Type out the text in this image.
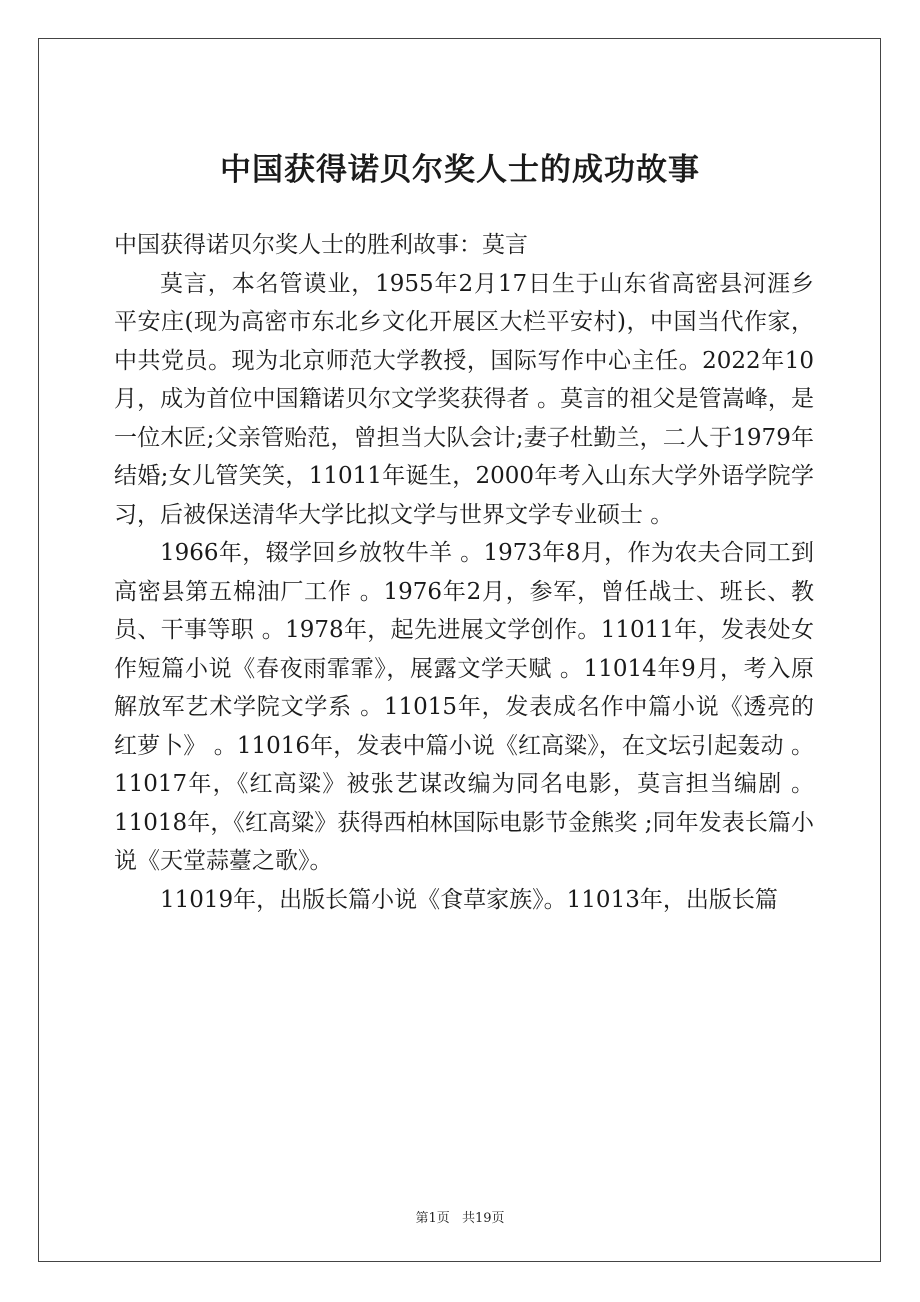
中国获得诺贝尔奖人士的成功故事

中国获得诺贝尔奖人士的胜利故事：莫言

莫言，本名管谟业，1955年2月17日生于山东省高密县河涯乡平安庄(现为高密市东北乡文化开展区大栏平安村)，中国当代作家，中共党员。现为北京师范大学教授，国际写作中心主任。2022年10月，成为首位中国籍诺贝尔文学奖获得者 。莫言的祖父是管嵩峰，是一位木匠;父亲管贻范，曾担当大队会计;妻子杜勤兰，二人于1979年结婚;女儿管笑笑，11011年诞生，2000年考入山东大学外语学院学习，后被保送清华大学比拟文学与世界文学专业硕士 。

1966年，辍学回乡放牧牛羊 。1973年8月，作为农夫合同工到高密县第五棉油厂工作 。1976年2月，参军，曾任战士、班长、教员、干事等职 。1978年，起先进展文学创作。11011年，发表处女作短篇小说《春夜雨霏霏》，展露文学天赋 。11014年9月，考入原解放军艺术学院文学系 。11015年，发表成名作中篇小说《透亮的红萝卜》 。11016年，发表中篇小说《红高粱》，在文坛引起轰动 。11017年，《红高粱》被张艺谋改编为同名电影，莫言担当编剧 。11018年，《红高粱》获得西柏林国际电影节金熊奖 ;同年发表长篇小说《天堂蒜薹之歌》。

11019年，出版长篇小说《食草家族》。11013年，出版长篇

第1页 共19页
